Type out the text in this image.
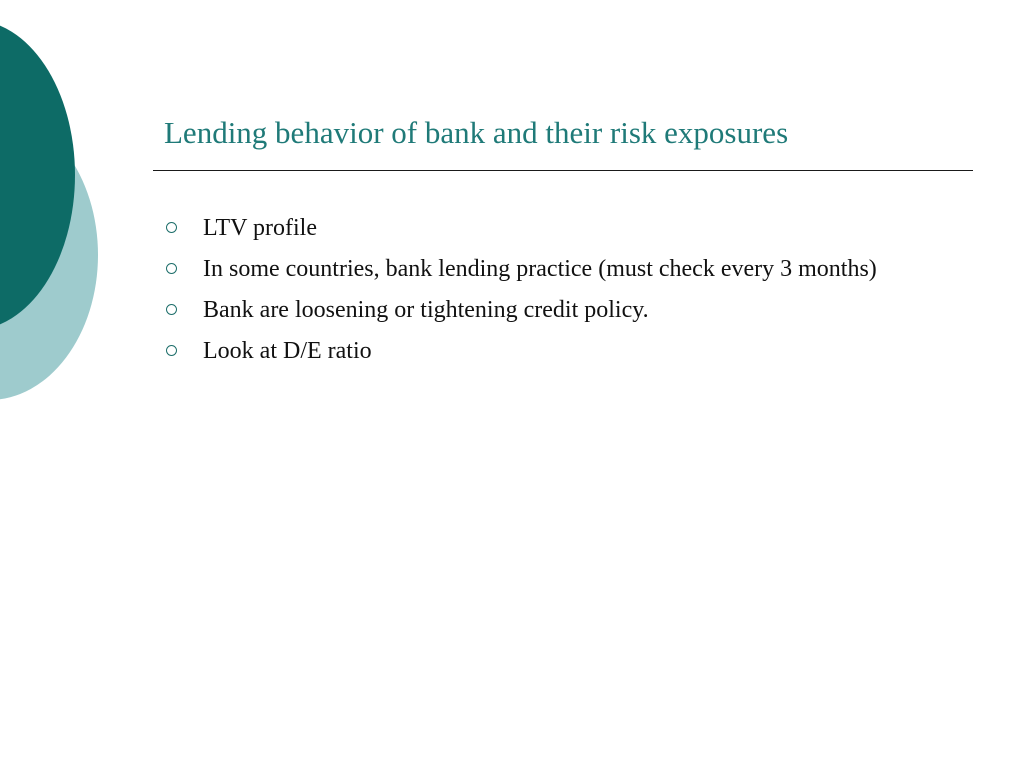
Lending behavior of bank and their risk exposures
LTV profile
In some countries, bank lending practice (must check every 3 months)
Bank are loosening or tightening credit policy.
Look at D/E ratio
